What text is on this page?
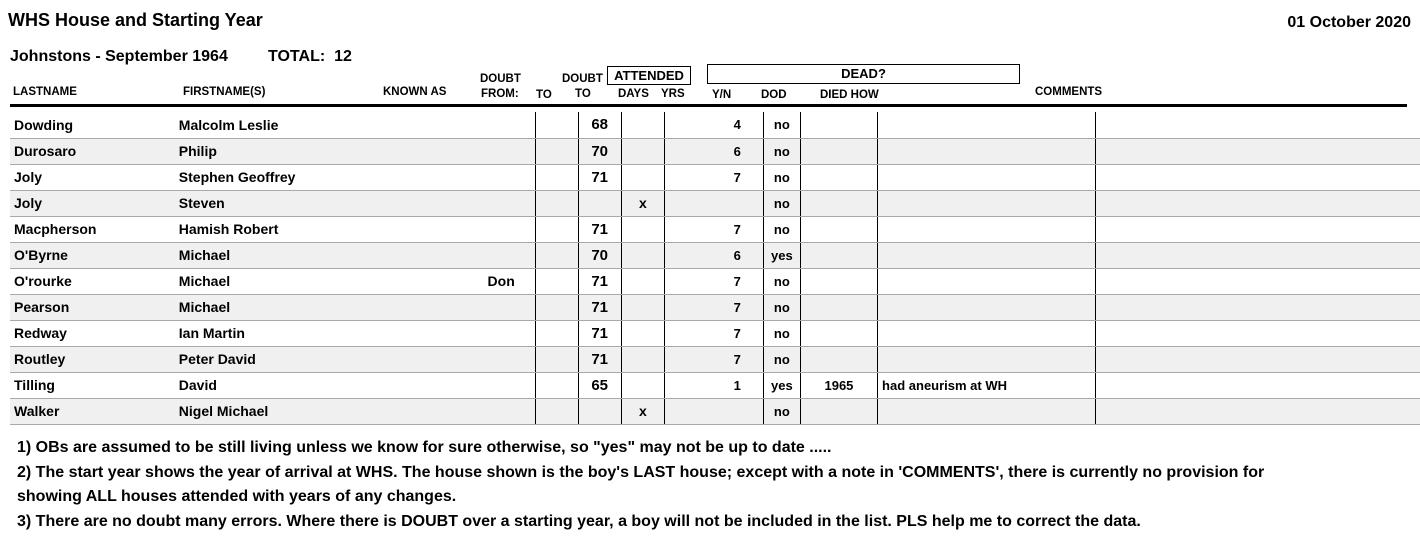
WHS House and Starting Year	01 October 2020
Johnstons - September 1964	TOTAL: 12
LASTNAME	FIRSTNAME(S)	KNOWN AS
DOUBT
FROM: TO
DOUBT
TO
ATTENDED
DAYS YRS
DEAD?
Y/N	DOD	DIED HOW	COMMENTS
Dowding	Malcolm Leslie			68		4	no			
Durosaro	Philip			70		6	no			
Joly	Stephen Geoffrey			71		7	no			
Joly	Steven				x		no			
Macpherson	Hamish Robert			71		7	no			
O'Byrne	Michael			70		6	yes			
O'rourke	Michael	Don		71		7	no			
Pearson	Michael			71		7	no			
Redway	Ian Martin			71		7	no			
Routley	Peter David			71		7	no			
Tilling	David			65		1	yes	1965	had aneurism at WH	
Walker	Nigel Michael				x		no			
1) OBs are assumed to be still living unless we know for sure otherwise, so "yes" may not be up to date .....
2) The start year shows the year of arrival at WHS. The house shown is the boy's LAST house; except with a note in 'COMMENTS', there is currently no provision for
showing ALL houses attended with years of any changes.
3) There are no doubt many errors. Where there is DOUBT over a starting year, a boy will not be included in the list. PLS help me to correct the data.
